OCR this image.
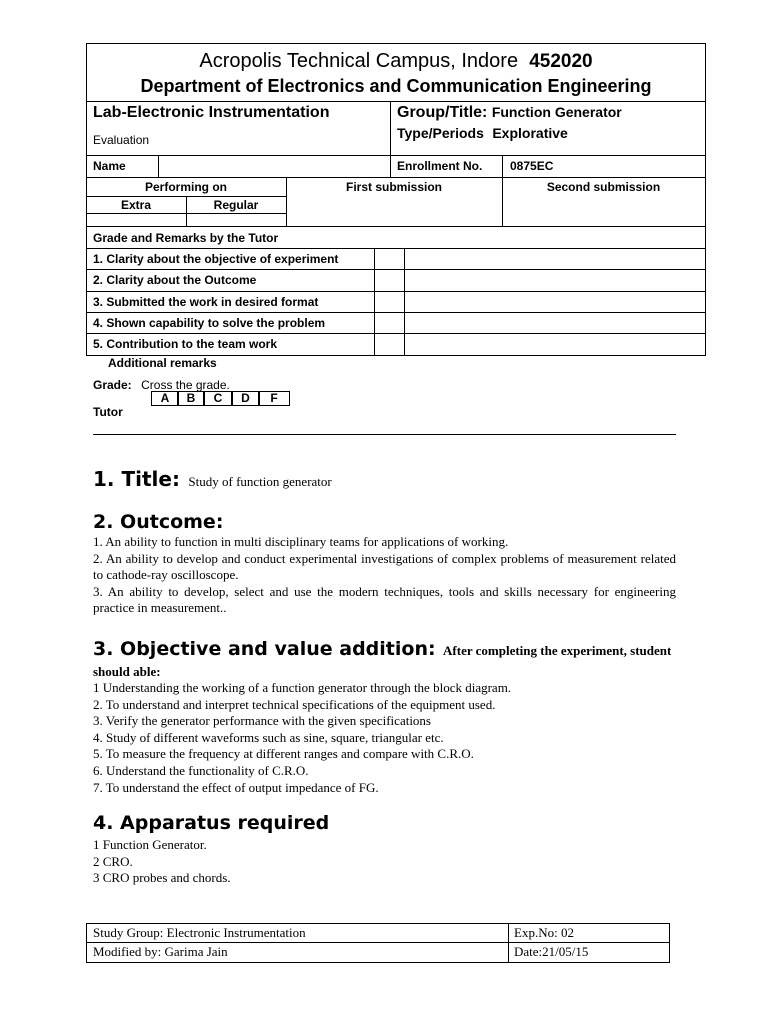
Acropolis Technical Campus, Indore 452020
Department of Electronics and Communication Engineering
Lab-Electronic Instrumentation	Group/Title: Function Generator
Evaluation	Type/Periods Explorative
Name	Enrollment No. 0875EC
Performing on	First submission	Second submission
Extra	Regular
Grade and Remarks by the Tutor
1. Clarity about the objective of experiment
2. Clarity about the Outcome
3. Submitted the work in desired format
4. Shown capability to solve the problem
5. Contribution to the team work
Additional remarks
Grade: Cross the grade.
A	B	C	D	F
Tutor
1. Title: Study of function generator
2. Outcome:
1. An ability to function in multi disciplinary teams for applications of working.
2. An ability to develop and conduct experimental investigations of complex problems of measurement related to cathode-ray oscilloscope.
3. An ability to develop, select and use the modern techniques, tools and skills necessary for engineering practice in measurement..
3. Objective and value addition: After completing the experiment, student should able:
1 Understanding the working of a function generator through the block diagram.
2. To understand and interpret technical specifications of the equipment used.
3. Verify the generator performance with the given specifications
4. Study of different waveforms such as sine, square, triangular etc.
5. To measure the frequency at different ranges and compare with C.R.O.
6. Understand the functionality of C.R.O.
7. To understand the effect of output impedance of FG.
4. Apparatus required
1 Function Generator.
2 CRO.
3 CRO probes and chords.
Study Group: Electronic Instrumentation	Exp.No: 02
Modified by: Garima Jain	Date:21/05/15
